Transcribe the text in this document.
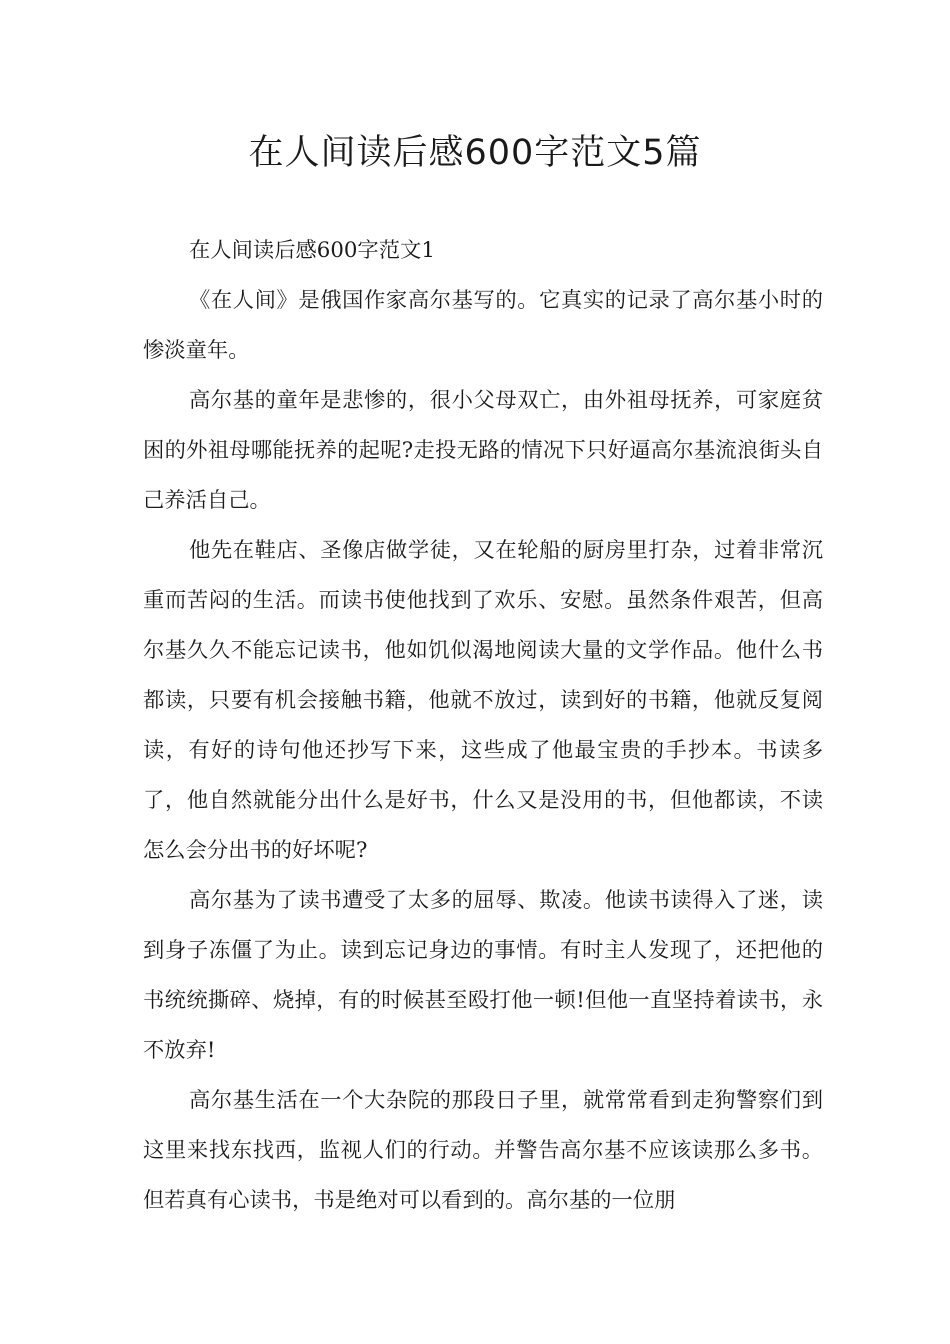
在人间读后感600字范文5篇

在人间读后感600字范文1

《在人间》是俄国作家高尔基写的。它真实的记录了高尔基小时的惨淡童年。

高尔基的童年是悲惨的，很小父母双亡，由外祖母抚养，可家庭贫困的外祖母哪能抚养的起呢?走投无路的情况下只好逼高尔基流浪街头自己养活自己。

他先在鞋店、圣像店做学徒，又在轮船的厨房里打杂，过着非常沉重而苦闷的生活。而读书使他找到了欢乐、安慰。虽然条件艰苦，但高尔基久久不能忘记读书，他如饥似渴地阅读大量的文学作品。他什么书都读，只要有机会接触书籍，他就不放过，读到好的书籍，他就反复阅读，有好的诗句他还抄写下来，这些成了他最宝贵的手抄本。书读多了，他自然就能分出什么是好书，什么又是没用的书，但他都读，不读怎么会分出书的好坏呢?

高尔基为了读书遭受了太多的屈辱、欺凌。他读书读得入了迷，读到身子冻僵了为止。读到忘记身边的事情。有时主人发现了，还把他的书统统撕碎、烧掉，有的时候甚至殴打他一顿!但他一直坚持着读书，永不放弃!

高尔基生活在一个大杂院的那段日子里，就常常看到走狗警察们到这里来找东找西，监视人们的行动。并警告高尔基不应该读那么多书。但若真有心读书，书是绝对可以看到的。高尔基的一位朋
